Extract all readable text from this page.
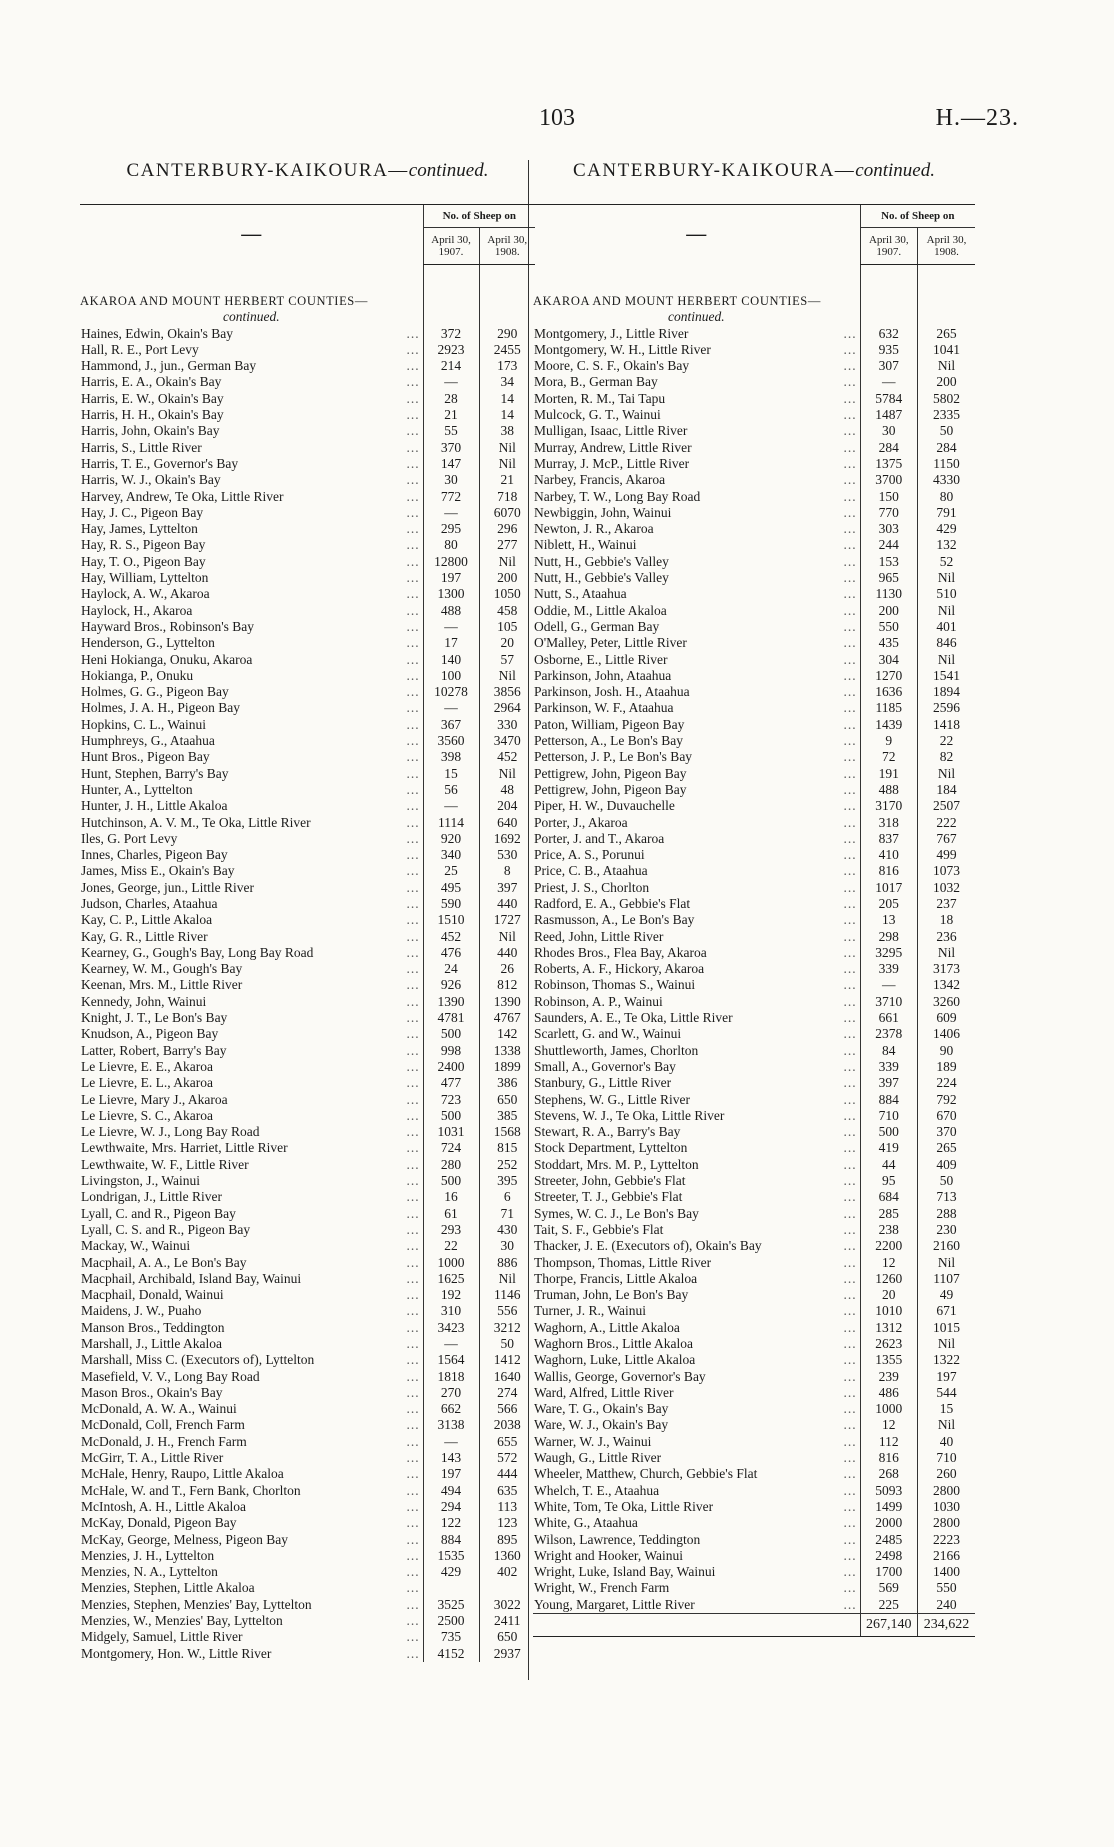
103	H.—23.
CANTERBURY-KAIKOURA—continued.
—	No. of Sheep on	
	April 30, 1907.	April 30, 1908.

AKAROA AND MOUNT HERBERT COUNTIES—		
continued.		
Haines, Edwin, Okain's Bay ...	372	290
Hall, R. E., Port Levy ...	2923	2455
Hammond, J., jun., German Bay ...	214	173
Harris, E. A., Okain's Bay ...	—	34
Harris, E. W., Okain's Bay ...	28	14
Harris, H. H., Okain's Bay ...	21	14
Harris, John, Okain's Bay ...	55	38
Harris, S., Little River ...	370	Nil
Harris, T. E., Governor's Bay ...	147	Nil
Harris, W. J., Okain's Bay ...	30	21
Harvey, Andrew, Te Oka, Little River ...	772	718
Hay, J. C., Pigeon Bay ...	—	6070
Hay, James, Lyttelton ...	295	296
Hay, R. S., Pigeon Bay ...	80	277
Hay, T. O., Pigeon Bay ...	12800	Nil
Hay, William, Lyttelton ...	197	200
Haylock, A. W., Akaroa ...	1300	1050
Haylock, H., Akaroa ...	488	458
Hayward Bros., Robinson's Bay ...	—	105
Henderson, G., Lyttelton ...	17	20
Heni Hokianga, Onuku, Akaroa ...	140	57
Hokianga, P., Onuku ...	100	Nil
Holmes, G. G., Pigeon Bay ...	10278	3856
Holmes, J. A. H., Pigeon Bay ...	—	2964
Hopkins, C. L., Wainui ...	367	330
Humphreys, G., Ataahua ...	3560	3470
Hunt Bros., Pigeon Bay ...	398	452
Hunt, Stephen, Barry's Bay ...	15	Nil
Hunter, A., Lyttelton ...	56	48
Hunter, J. H., Little Akaloa ...	—	204
Hutchinson, A. V. M., Te Oka, Little River ...	1114	640
Iles, G. Port Levy ...	920	1692
Innes, Charles, Pigeon Bay ...	340	530
James, Miss E., Okain's Bay ...	25	8
Jones, George, jun., Little River ...	495	397
Judson, Charles, Ataahua ...	590	440
Kay, C. P., Little Akaloa ...	1510	1727
Kay, G. R., Little River ...	452	Nil
Kearney, G., Gough's Bay, Long Bay Road ...	476	440
Kearney, W. M., Gough's Bay ...	24	26
Keenan, Mrs. M., Little River ...	926	812
Kennedy, John, Wainui ...	1390	1390
Knight, J. T., Le Bon's Bay ...	4781	4767
Knudson, A., Pigeon Bay ...	500	142
Latter, Robert, Barry's Bay ...	998	1338
Le Lievre, E. E., Akaroa ...	2400	1899
Le Lievre, E. L., Akaroa ...	477	386
Le Lievre, Mary J., Akaroa ...	723	650
Le Lievre, S. C., Akaroa ...	500	385
Le Lievre, W. J., Long Bay Road ...	1031	1568
Lewthwaite, Mrs. Harriet, Little River ...	724	815
Lewthwaite, W. F., Little River ...	280	252
Livingston, J., Wainui ...	500	395
Londrigan, J., Little River ...	16	6
Lyall, C. and R., Pigeon Bay ...	61	71
Lyall, C. S. and R., Pigeon Bay ...	293	430
Mackay, W., Wainui ...	22	30
Macphail, A. A., Le Bon's Bay ...	1000	886
Macphail, Archibald, Island Bay, Wainui ...	1625	Nil
Macphail, Donald, Wainui ...	192	1146
Maidens, J. W., Puaho ...	310	556
Manson Bros., Teddington ...	3423	3212
Marshall, J., Little Akaloa ...	—	50
Marshall, Miss C. (Executors of), Lyttelton ...	1564	1412
Masefield, V. V., Long Bay Road ...	1818	1640
Mason Bros., Okain's Bay ...	270	274
McDonald, A. W. A., Wainui ...	662	566
McDonald, Coll, French Farm ...	3138	2038
McDonald, J. H., French Farm ...	—	655
McGirr, T. A., Little River ...	143	572
McHale, Henry, Raupo, Little Akaloa ...	197	444
McHale, W. and T., Fern Bank, Chorlton ...	494	635
McIntosh, A. H., Little Akaloa ...	294	113
McKay, Donald, Pigeon Bay ...	122	123
McKay, George, Melness, Pigeon Bay ...	884	895
Menzies, J. H., Lyttelton ...	1535	1360
Menzies, N. A., Lyttelton ...	429	402
Menzies, Stephen, Little Akaloa ...		

Menzies, Stephen, Menzies' Bay, Lyttelton ...	3525	3022
Menzies, W., Menzies' Bay, Lyttelton ...	2500	2411
Midgely, Samuel, Little River ...	735	650
Montgomery, Hon. W., Little River ...	4152	2937
CANTERBURY-KAIKOURA—continued.
—	No. of Sheep on	
	April 30, 1907.	April 30, 1908.

AKAROA AND MOUNT HERBERT COUNTIES—		
continued.		
Montgomery, J., Little River ...	632	265
Montgomery, W. H., Little River ...	935	1041
Moore, C. S. F., Okain's Bay ...	307	Nil
Mora, B., German Bay ...	—	200
Morten, R. M., Tai Tapu ...	5784	5802
Mulcock, G. T., Wainui ...	1487	2335
Mulligan, Isaac, Little River ...	30	50
Murray, Andrew, Little River ...	284	284
Murray, J. McP., Little River ...	1375	1150
Narbey, Francis, Akaroa ...	3700	4330
Narbey, T. W., Long Bay Road ...	150	80
Newbiggin, John, Wainui ...	770	791
Newton, J. R., Akaroa ...	303	429
Niblett, H., Wainui ...	244	132
Nutt, H., Gebbie's Valley ...	153	52
Nutt, H., Gebbie's Valley ...	965	Nil
Nutt, S., Ataahua ...	1130	510
Oddie, M., Little Akaloa ...	200	Nil
Odell, G., German Bay ...	550	401
O'Malley, Peter, Little River ...	435	846
Osborne, E., Little River ...	304	Nil
Parkinson, John, Ataahua ...	1270	1541
Parkinson, Josh. H., Ataahua ...	1636	1894
Parkinson, W. F., Ataahua ...	1185	2596
Paton, William, Pigeon Bay ...	1439	1418
Petterson, A., Le Bon's Bay ...	9	22
Petterson, J. P., Le Bon's Bay ...	72	82
Pettigrew, John, Pigeon Bay ...	191	Nil
Pettigrew, John, Pigeon Bay ...	488	184
Piper, H. W., Duvauchelle ...	3170	2507
Porter, J., Akaroa ...	318	222
Porter, J. and T., Akaroa ...	837	767
Price, A. S., Porunui ...	410	499
Price, C. B., Ataahua ...	816	1073
Priest, J. S., Chorlton ...	1017	1032
Radford, E. A., Gebbie's Flat ...	205	237
Rasmusson, A., Le Bon's Bay ...	13	18
Reed, John, Little River ...	298	236
Rhodes Bros., Flea Bay, Akaroa ...	3295	Nil
Roberts, A. F., Hickory, Akaroa ...	339	3173
Robinson, Thomas S., Wainui ...	—	1342
Robinson, A. P., Wainui ...	3710	3260
Saunders, A. E., Te Oka, Little River ...	661	609
Scarlett, G. and W., Wainui ...	2378	1406
Shuttleworth, James, Chorlton ...	84	90
Small, A., Governor's Bay ...	339	189
Stanbury, G., Little River ...	397	224
Stephens, W. G., Little River ...	884	792
Stevens, W. J., Te Oka, Little River ...	710	670
Stewart, R. A., Barry's Bay ...	500	370
Stock Department, Lyttelton ...	419	265
Stoddart, Mrs. M. P., Lyttelton ...	44	409
Streeter, John, Gebbie's Flat ...	95	50
Streeter, T. J., Gebbie's Flat ...	684	713
Symes, W. C. J., Le Bon's Bay ...	285	288
Tait, S. F., Gebbie's Flat ...	238	230
Thacker, J. E. (Executors of), Okain's Bay ...	2200	2160
Thompson, Thomas, Little River ...	12	Nil
Thorpe, Francis, Little Akaloa ...	1260	1107
Truman, John, Le Bon's Bay ...	20	49
Turner, J. R., Wainui ...	1010	671
Waghorn, A., Little Akaloa ...	1312	1015
Waghorn Bros., Little Akaloa ...	2623	Nil
Waghorn, Luke, Little Akaloa ...	1355	1322
Wallis, George, Governor's Bay ...	239	197
Ward, Alfred, Little River ...	486	544
Ware, T. G., Okain's Bay ...	1000	15
Ware, W. J., Okain's Bay ...	12	Nil
Warner, W. J., Wainui ...	112	40
Waugh, G., Little River ...	816	710
Wheeler, Matthew, Church, Gebbie's Flat ...	268	260
Whelch, T. E., Ataahua ...	5093	2800
White, Tom, Te Oka, Little River ...	1499	1030
White, G., Ataahua ...	2000	2800
Wilson, Lawrence, Teddington ...	2485	2223
Wright and Hooker, Wainui ...	2498	2166
Wright, Luke, Island Bay, Wainui ...	1700	1400
Wright, W., French Farm ...	569	550
Young, Margaret, Little River ...	225	240
	267,140	234,622
